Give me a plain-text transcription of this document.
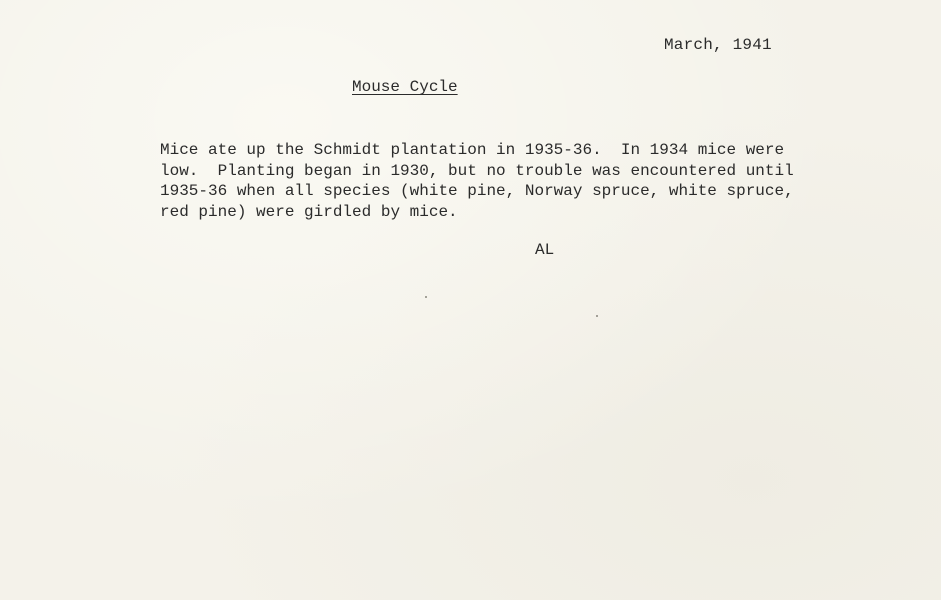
March, 1941
Mouse Cycle
Mice ate up the Schmidt plantation in 1935-36.  In 1934 mice were
low.  Planting began in 1930, but no trouble was encountered until
1935-36 when all species (white pine, Norway spruce, white spruce,
red pine) were girdled by mice.
AL
